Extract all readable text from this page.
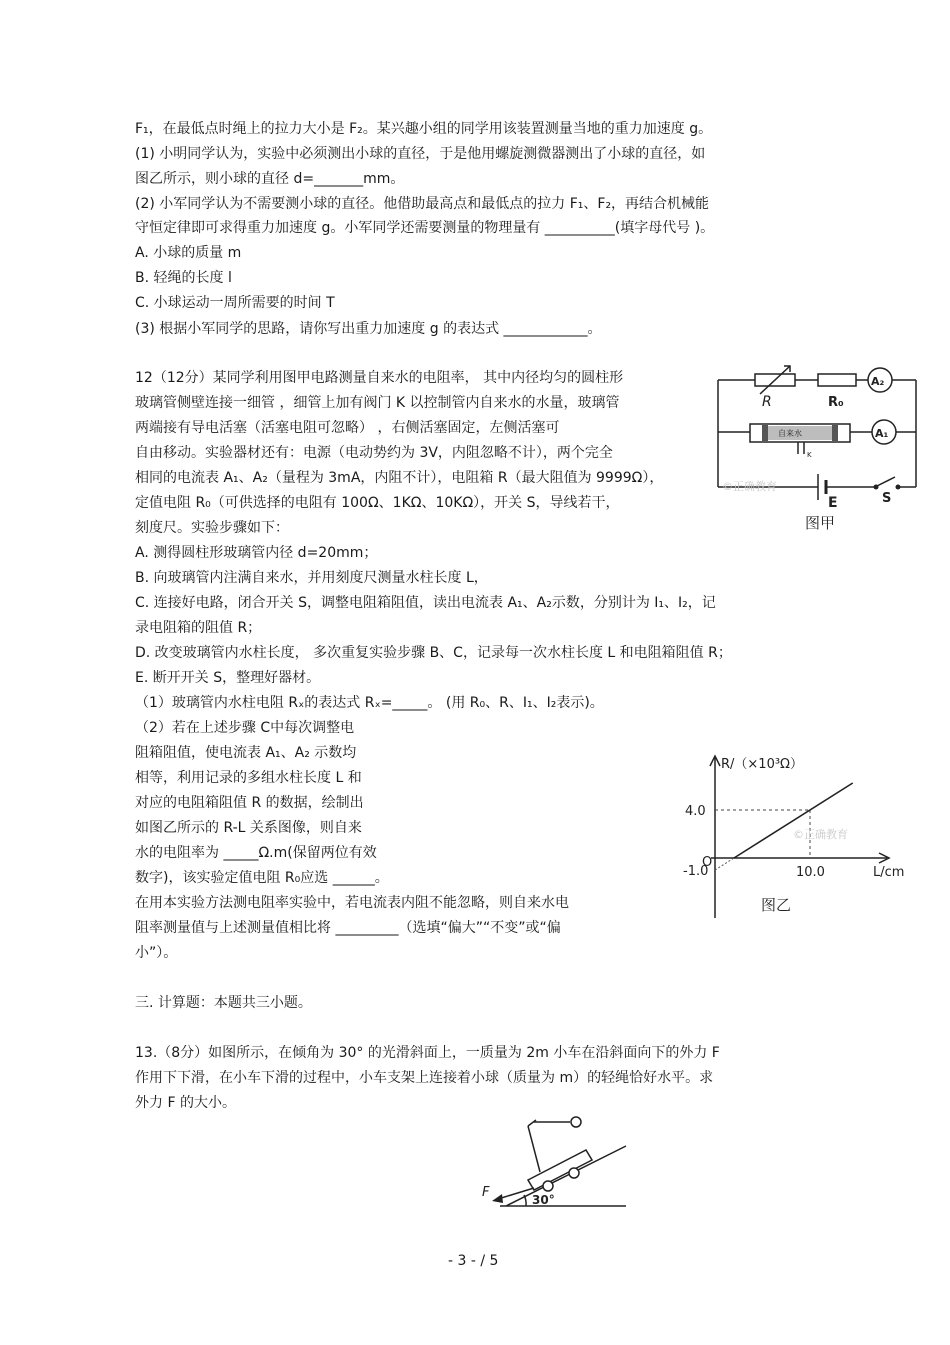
F₁，在最低点时绳上的拉力大小是 F₂。某兴趣小组的同学用该装置测量当地的重力加速度 g。
(1) 小明同学认为，实验中必须测出小球的直径，于是他用螺旋测微器测出了小球的直径，如
图乙所示，则小球的直径 d=_______mm。
(2) 小军同学认为不需要测小球的直径。他借助最高点和最低点的拉力 F₁、F₂，再结合机械能
守恒定律即可求得重力加速度 g。小军同学还需要测量的物理量有 __________(填字母代号 )。
A. 小球的质量 m
B. 轻绳的长度 l
C. 小球运动一周所需要的时间 T
(3) 根据小军同学的思路，请你写出重力加速度 g 的表达式 ____________。
12（12分）某同学利用图甲电路测量自来水的电阻率， 其中内径均匀的圆柱形
玻璃管侧壁连接一细管 ，细管上加有阀门 K 以控制管内自来水的水量，玻璃管
两端接有导电活塞（活塞电阻可忽略） ，右侧活塞固定，左侧活塞可
自由移动。实验器材还有：电源（电动势约为 3V，内阻忽略不计），两个完全
相同的电流表 A₁、A₂（量程为 3mA，内阻不计），电阻箱 R（最大阻值为 9999Ω），
定值电阻 R₀（可供选择的电阻有 100Ω、1KΩ、10KΩ），开关 S，导线若干，
刻度尺。实验步骤如下：
A. 测得圆柱形玻璃管内径 d=20mm；
B. 向玻璃管内注满自来水，并用刻度尺测量水柱长度 L，
C. 连接好电路，闭合开关 S，调整电阻箱阻值，读出电流表 A₁、A₂示数，分别计为 I₁、I₂，记
录电阻箱的阻值 R；
D. 改变玻璃管内水柱长度， 多次重复实验步骤 B、C，记录每一次水柱长度 L 和电阻箱阻值 R；
E. 断开开关 S，整理好器材。
（1）玻璃管内水柱电阻 Rₓ的表达式 Rₓ=_____。 (用 R₀、R、I₁、I₂表示)。
（2）若在上述步骤 C中每次调整电
阻箱阻值，使电流表 A₁、A₂ 示数均
相等，利用记录的多组水柱长度 L 和
对应的电阻箱阻值 R 的数据，绘制出
如图乙所示的 R-L 关系图像，则自来
水的电阻率为 _____Ω.m(保留两位有效
数字)，该实验定值电阻 R₀应选 ______。
在用本实验方法测电阻率实验中，若电流表内阻不能忽略，则自来水电
阻率测量值与上述测量值相比将 _________（选填“偏大”“不变”或“偏
小”）。
三. 计算题：本题共三小题。
13.（8分）如图所示，在倾角为 30° 的光滑斜面上，一质量为 2m 小车在沿斜面向下的外力 F
作用下下滑，在小车下滑的过程中，小车支架上连接着小球（质量为 m）的轻绳恰好水平。求
外力 F 的大小。
R	R₀
A₂
A₁
自来水
K
E	S
图甲
©正确教育
R/（×10³Ω）
L/cm
4.0
O
-1.0	10.0
图乙
©正确教育
F	30°
- 3 - / 5
